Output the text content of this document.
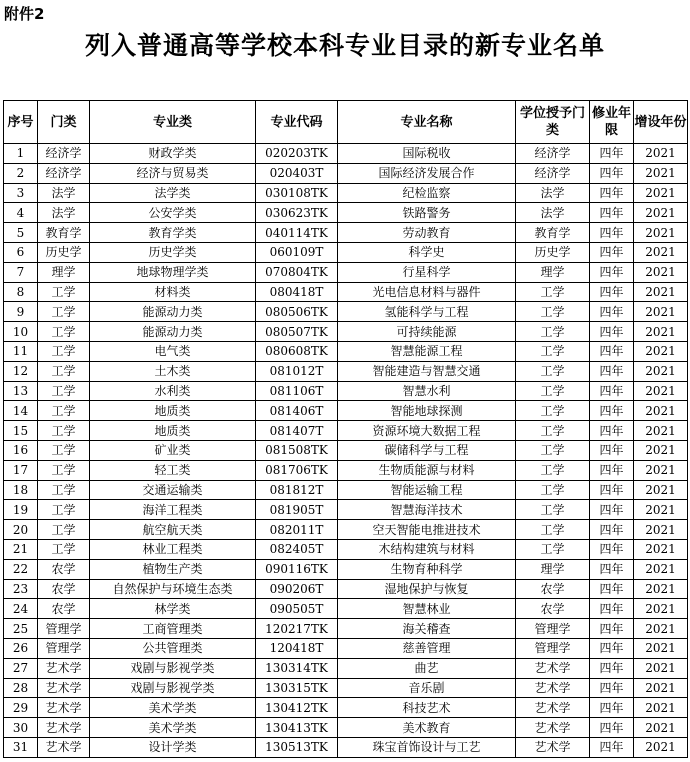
附件2
列入普通高等学校本科专业目录的新专业名单
序号	门类	专业类	专业代码	专业名称	学位授予门类	修业年限	增设年份
1	经济学	财政学类	020203TK	国际税收	经济学	四年	2021
2	经济学	经济与贸易类	020403T	国际经济发展合作	经济学	四年	2021
3	法学	法学类	030108TK	纪检监察	法学	四年	2021
4	法学	公安学类	030623TK	铁路警务	法学	四年	2021
5	教育学	教育学类	040114TK	劳动教育	教育学	四年	2021
6	历史学	历史学类	060109T	科学史	历史学	四年	2021
7	理学	地球物理学类	070804TK	行星科学	理学	四年	2021
8	工学	材料类	080418T	光电信息材料与器件	工学	四年	2021
9	工学	能源动力类	080506TK	氢能科学与工程	工学	四年	2021
10	工学	能源动力类	080507TK	可持续能源	工学	四年	2021
11	工学	电气类	080608TK	智慧能源工程	工学	四年	2021
12	工学	土木类	081012T	智能建造与智慧交通	工学	四年	2021
13	工学	水利类	081106T	智慧水利	工学	四年	2021
14	工学	地质类	081406T	智能地球探测	工学	四年	2021
15	工学	地质类	081407T	资源环境大数据工程	工学	四年	2021
16	工学	矿业类	081508TK	碳储科学与工程	工学	四年	2021
17	工学	轻工类	081706TK	生物质能源与材料	工学	四年	2021
18	工学	交通运输类	081812T	智能运输工程	工学	四年	2021
19	工学	海洋工程类	081905T	智慧海洋技术	工学	四年	2021
20	工学	航空航天类	082011T	空天智能电推进技术	工学	四年	2021
21	工学	林业工程类	082405T	木结构建筑与材料	工学	四年	2021
22	农学	植物生产类	090116TK	生物育种科学	理学	四年	2021
23	农学	自然保护与环境生态类	090206T	湿地保护与恢复	农学	四年	2021
24	农学	林学类	090505T	智慧林业	农学	四年	2021
25	管理学	工商管理类	120217TK	海关稽查	管理学	四年	2021
26	管理学	公共管理类	120418T	慈善管理	管理学	四年	2021
27	艺术学	戏剧与影视学类	130314TK	曲艺	艺术学	四年	2021
28	艺术学	戏剧与影视学类	130315TK	音乐剧	艺术学	四年	2021
29	艺术学	美术学类	130412TK	科技艺术	艺术学	四年	2021
30	艺术学	美术学类	130413TK	美术教育	艺术学	四年	2021
31	艺术学	设计学类	130513TK	珠宝首饰设计与工艺	艺术学	四年	2021
